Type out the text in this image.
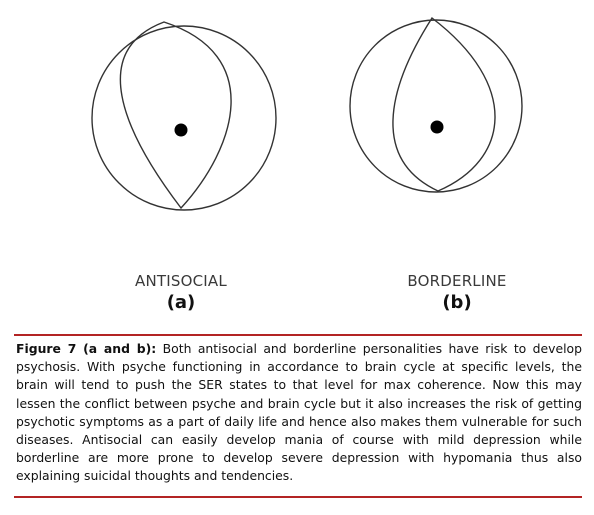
ANTISOCIAL
(a)
BORDERLINE
(b)
Figure 7 (a and b): Both antisocial and borderline personalities have risk to develop psychosis. With psyche functioning in accordance to brain cycle at specific levels, the brain will tend to push the SER states to that level for max coherence. Now this may lessen the conflict between psyche and brain cycle but it also increases the risk of getting psychotic symptoms as a part of daily life and hence also makes them vulnerable for such diseases. Antisocial can easily develop mania of course with mild depression while borderline are more prone to develop severe depression with hypomania thus also explaining suicidal thoughts and tendencies.
